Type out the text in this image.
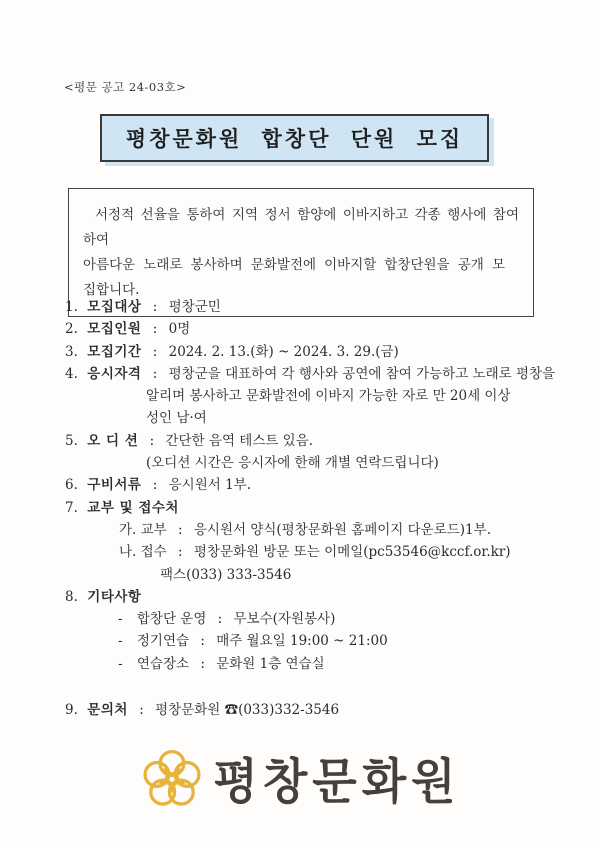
<평문 공고 24-03호>
평창문화원 합창단 단원 모집
서정적 선율을 통하여 지역 정서 함양에 이바지하고 각종 행사에 참여하여
아름다운 노래로 봉사하며 문화발전에 이바지할 합창단원을 공개 모집합니다.
1. 모집대상 : 평창군민
2. 모집인원 : 0명
3. 모집기간 : 2024. 2. 13.(화) ~ 2024. 3. 29.(금)
4. 응시자격 : 평창군을 대표하여 각 행사와 공연에 참여 가능하고 노래로 평창을
알리며 봉사하고 문화발전에 이바지 가능한 자로 만 20세 이상
성인 남·여
5. 오 디 션 : 간단한 음역 테스트 있음.
(오디션 시간은 응시자에 한해 개별 연락드립니다)
6. 구비서류 : 응시원서 1부.
7. 교부 및 접수처
가. 교부 : 응시원서 양식(평창문화원 홈페이지 다운로드)1부.
나. 접수 : 평창문화원 방문 또는 이메일(pc53546@kccf.or.kr)
팩스(033) 333-3546
8. 기타사항
- 합창단 운영 : 무보수(자원봉사)
- 정기연습 : 매주 월요일 19:00 ~ 21:00
- 연습장소 : 문화원 1층 연습실
9. 문의처 : 평창문화원 ☎(033)332-3546
평창문화원
